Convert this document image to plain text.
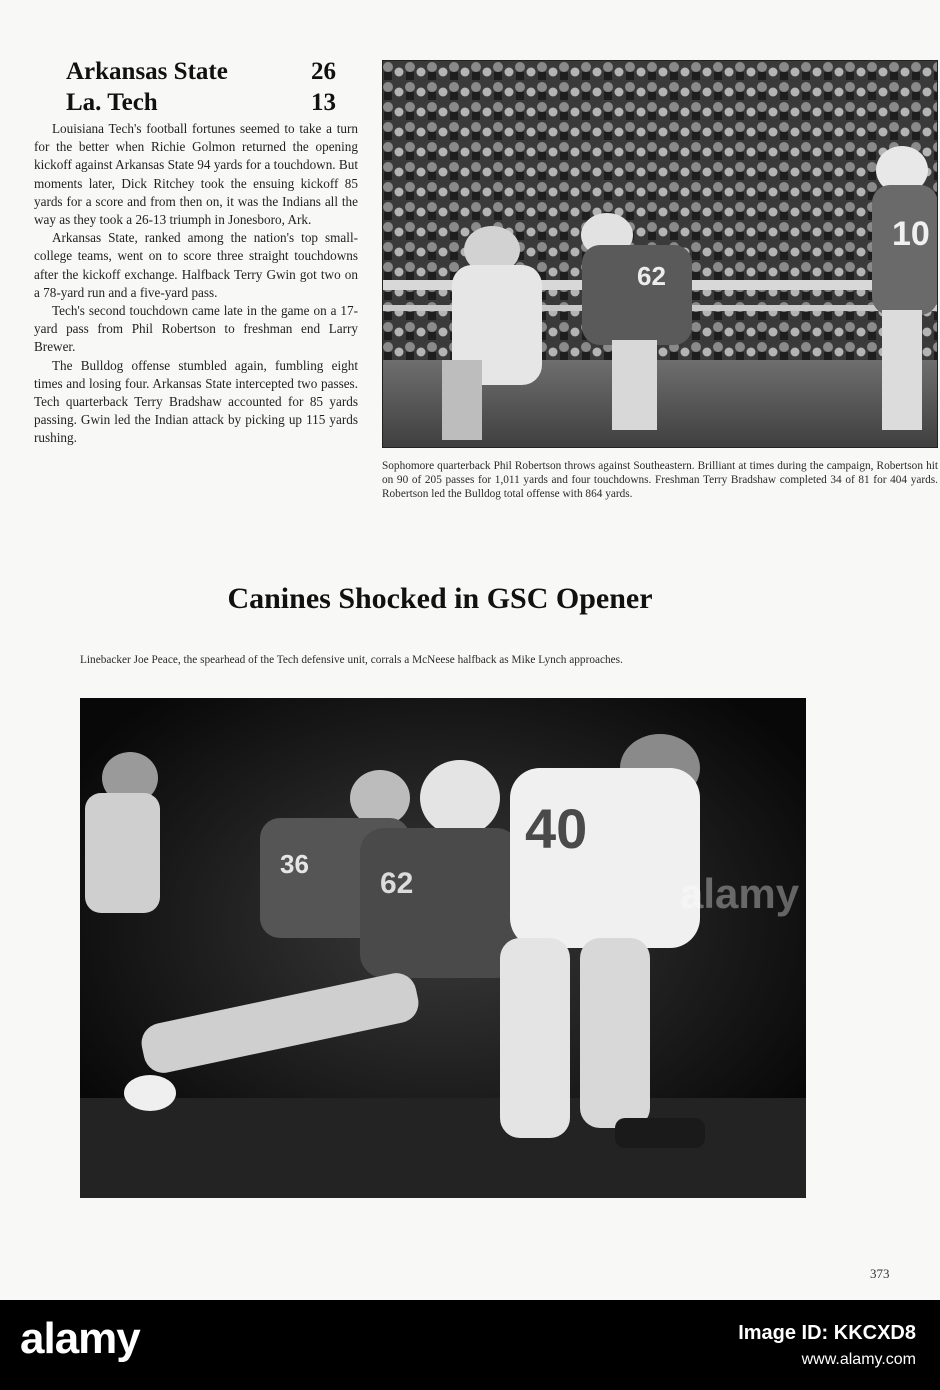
Arkansas State	26
La. Tech	13

Louisiana Tech's football fortunes seemed to take a turn for the better when Richie Golmon returned the opening kickoff against Arkansas State 94 yards for a touchdown. But moments later, Dick Ritchey took the ensuing kickoff 85 yards for a score and from then on, it was the Indians all the way as they took a 26-13 triumph in Jonesboro, Ark.

Arkansas State, ranked among the nation's top small-college teams, went on to score three straight touchdowns after the kickoff exchange. Halfback Terry Gwin got two on a 78-yard run and a five-yard pass.

Tech's second touchdown came late in the game on a 17-yard pass from Phil Robertson to freshman end Larry Brewer.

The Bulldog offense stumbled again, fumbling eight times and losing four. Arkansas State intercepted two passes. Tech quarterback Terry Bradshaw accounted for 85 yards passing. Gwin led the Indian attack by picking up 115 yards rushing.

62
10
Sophomore quarterback Phil Robertson throws against Southeastern. Brilliant at times during the campaign, Robertson hit on 90 of 205 passes for 1,011 yards and four touchdowns. Freshman Terry Bradshaw completed 34 of 81 for 404 yards. Robertson led the Bulldog total offense with 864 yards.
Canines Shocked in GSC Opener
Linebacker Joe Peace, the spearhead of the Tech defensive unit, corrals a McNeese halfback as Mike Lynch approaches.
36
62
40
alamy
373
alamy	Image ID: KKCXD8
www.alamy.com
